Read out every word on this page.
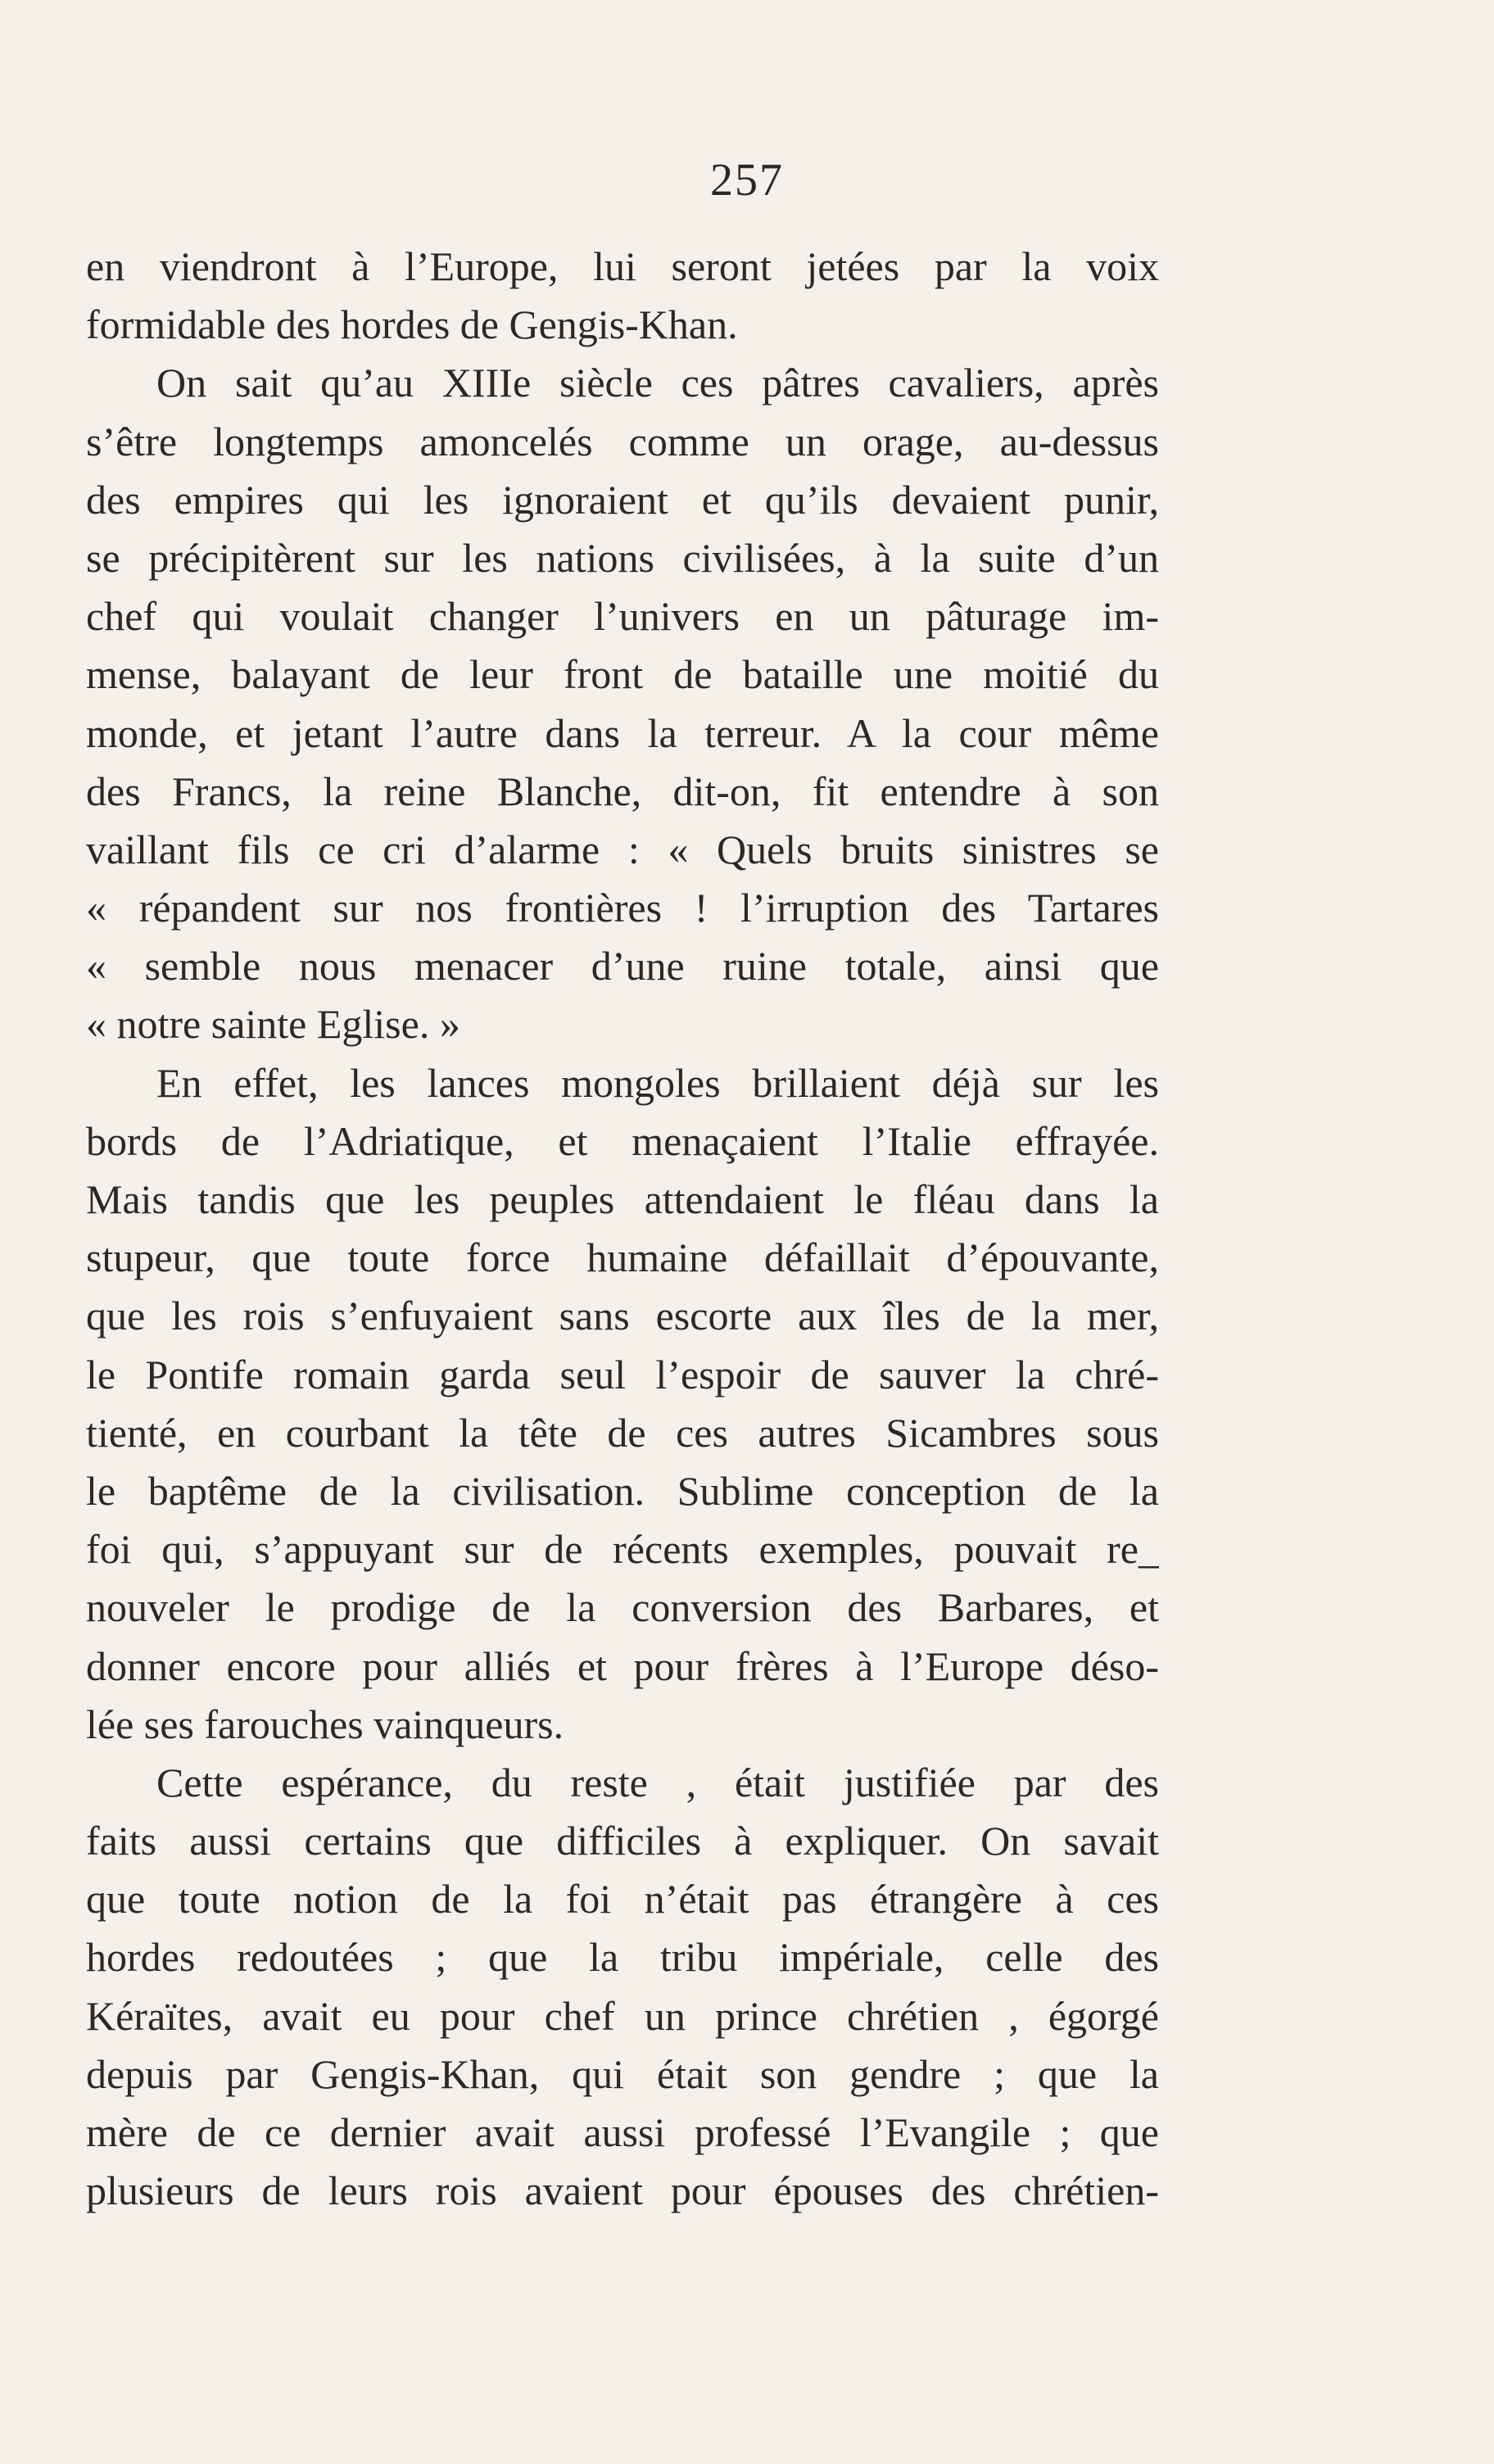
257
en viendront à l’Europe, lui seront jetées par la voix
formidable des hordes de Gengis-Khan.
On sait qu’au XIIIe siècle ces pâtres cavaliers, après
s’être longtemps amoncelés comme un orage, au-dessus
des empires qui les ignoraient et qu’ils devaient punir,
se précipitèrent sur les nations civilisées, à la suite d’un
chef qui voulait changer l’univers en un pâturage im-
mense, balayant de leur front de bataille une moitié du
monde, et jetant l’autre dans la terreur. A la cour même
des Francs, la reine Blanche, dit-on, fit entendre à son
vaillant fils ce cri d’alarme : « Quels bruits sinistres se
« répandent sur nos frontières ! l’irruption des Tartares
« semble nous menacer d’une ruine totale, ainsi que
« notre sainte Eglise. »
En effet, les lances mongoles brillaient déjà sur les
bords de l’Adriatique, et menaçaient l’Italie effrayée.
Mais tandis que les peuples attendaient le fléau dans la
stupeur, que toute force humaine défaillait d’épouvante,
que les rois s’enfuyaient sans escorte aux îles de la mer,
le Pontife romain garda seul l’espoir de sauver la chré-
tienté, en courbant la tête de ces autres Sicambres sous
le baptême de la civilisation. Sublime conception de la
foi qui, s’appuyant sur de récents exemples, pouvait re_
nouveler le prodige de la conversion des Barbares, et
donner encore pour alliés et pour frères à l’Europe déso-
lée ses farouches vainqueurs.
Cette espérance, du reste , était justifiée par des
faits aussi certains que difficiles à expliquer. On savait
que toute notion de la foi n’était pas étrangère à ces
hordes redoutées ; que la tribu impériale, celle des
Kéraïtes, avait eu pour chef un prince chrétien , égorgé
depuis par Gengis-Khan, qui était son gendre ; que la
mère de ce dernier avait aussi professé l’Evangile ; que
plusieurs de leurs rois avaient pour épouses des chrétien-
